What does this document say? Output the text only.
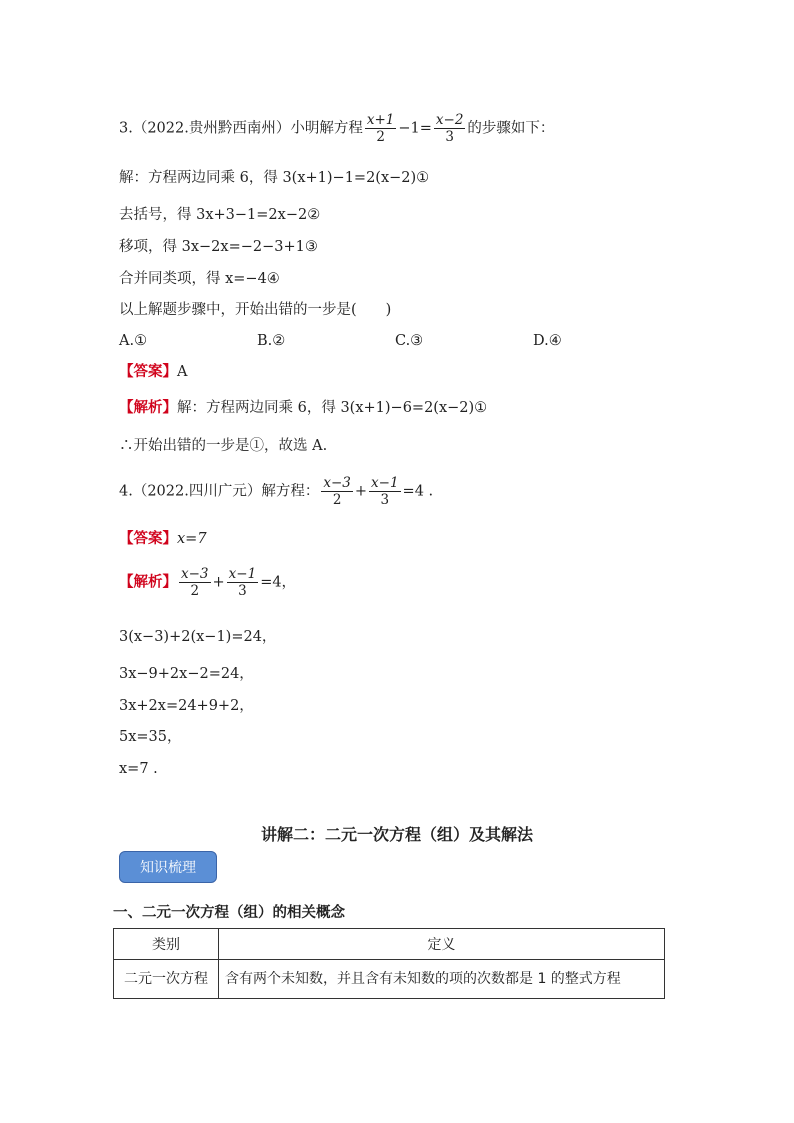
3.（2022.贵州黔西南州）小明解方程 $\frac{x+1}{2} -1= \frac{x-2}{3}$ 的步骤如下：
解：方程两边同乘 6，得 3(x+1)−1=2(x−2)①
去括号，得 3x+3−1=2x−2②
移项，得 3x−2x=−2−3+1③
合并同类项，得 x=−4④
以上解题步骤中，开始出错的一步是(　　)
A.①	B.②	C.③	D.④
【答案】A
【解析】解：方程两边同乘 6，得 3(x+1)−6=2(x−2)①
∴开始出错的一步是①，故选 A.
4.（2022.四川广元）解方程： $\frac{x-3}{2} + \frac{x-1}{3} =4$ .
【答案】x=7
【解析】 $\frac{x-3}{2} + \frac{x-1}{3} =4$，
3(x−3)+2(x−1)=24，
3x−9+2x−2=24，
3x+2x=24+9+2，
5x=35，
x=7 .
讲解二：二元一次方程（组）及其解法
知识梳理
一、二元一次方程（组）的相关概念
类别	定义
二元一次方程	含有两个未知数，并且含有未知数的项的次数都是 1 的整式方程
